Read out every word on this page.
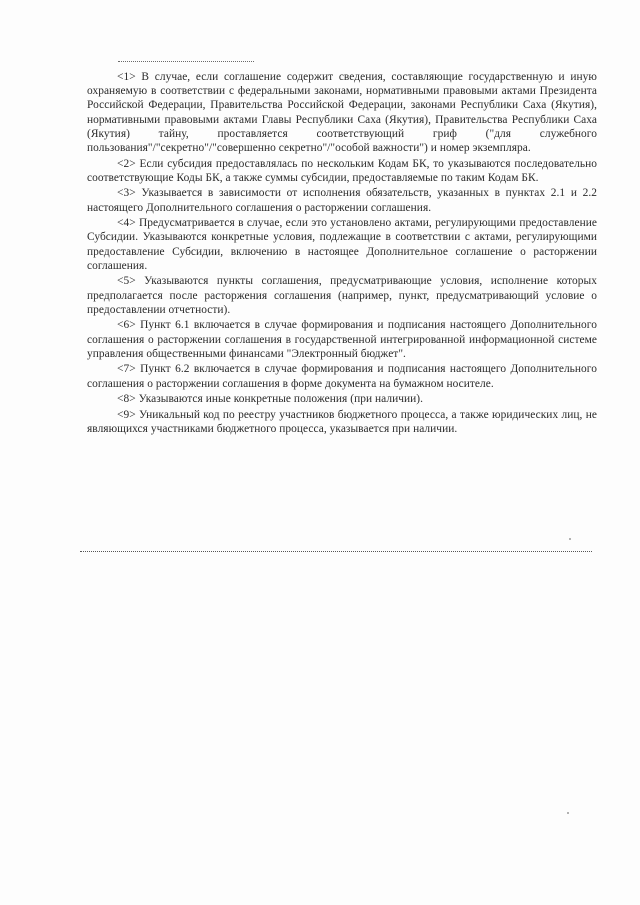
<1> В случае, если соглашение содержит сведения, составляющие государственную и иную охраняемую в соответствии с федеральными законами, нормативными правовыми актами Президента Российской Федерации, Правительства Российской Федерации, законами Республики Саха (Якутия), нормативными правовыми актами Главы Республики Саха (Якутия), Правительства Республики Саха (Якутия) тайну, проставляется соответствующий гриф ("для служебного пользования"/"секретно"/"совершенно секретно"/"особой важности") и номер экземпляра.

<2> Если субсидия предоставлялась по нескольким Кодам БК, то указываются последовательно соответствующие Коды БК, а также суммы субсидии, предоставляемые по таким Кодам БК.

<3> Указывается в зависимости от исполнения обязательств, указанных в пунктах 2.1 и 2.2 настоящего Дополнительного соглашения о расторжении соглашения.

<4> Предусматривается в случае, если это установлено актами, регулирующими предоставление Субсидии. Указываются конкретные условия, подлежащие в соответствии с актами, регулирующими предоставление Субсидии, включению в настоящее Дополнительное соглашение о расторжении соглашения.

<5> Указываются пункты соглашения, предусматривающие условия, исполнение которых предполагается после расторжения соглашения (например, пункт, предусматривающий условие о предоставлении отчетности).

<6> Пункт 6.1 включается в случае формирования и подписания настоящего Дополнительного соглашения о расторжении соглашения в государственной интегрированной информационной системе управления общественными финансами "Электронный бюджет".

<7> Пункт 6.2 включается в случае формирования и подписания настоящего Дополнительного соглашения о расторжении соглашения в форме документа на бумажном носителе.

<8> Указываются иные конкретные положения (при наличии).

<9> Уникальный код по реестру участников бюджетного процесса, а также юридических лиц, не являющихся участниками бюджетного процесса, указывается при наличии.
